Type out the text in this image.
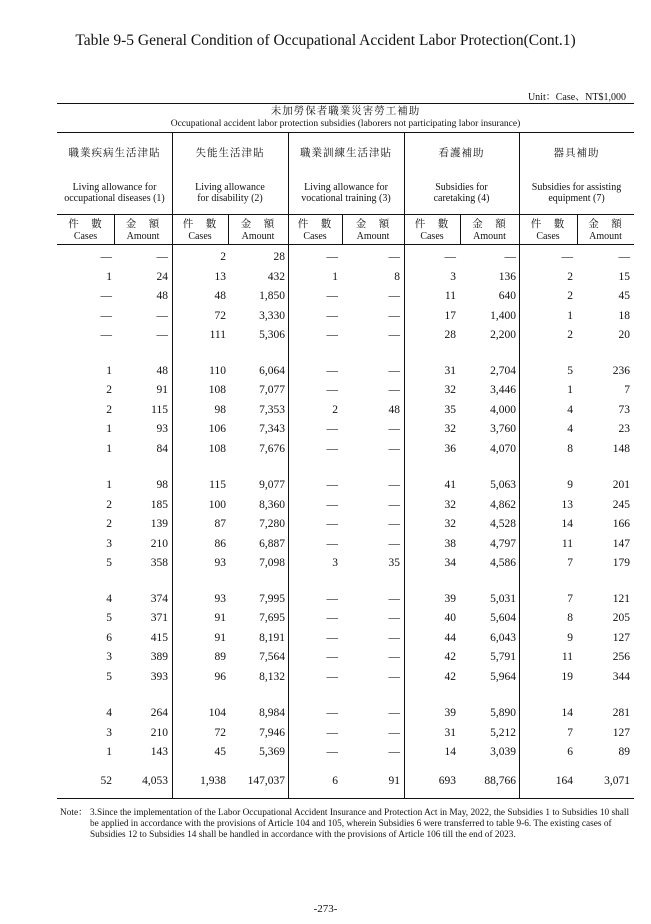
Table 9-5 General Condition of Occupational Accident Labor Protection(Cont.1)
Unit：Case、NT$1,000
未加勞保者職業災害勞工補助
Occupational accident labor protection subsidies (laborers not participating labor insurance)
職業疾病生活津貼
Living allowance for
occupational diseases (1)
失能生活津貼
Living allowance
for disability (2)
職業訓練生活津貼
Living allowance for
vocational training (3)
看護補助
Subsidies for
caretaking (4)
器具補助
Subsidies for assisting
equipment (7)
件　數
Cases
金　額
Amount
件　數
Cases
金　額
Amount
件　數
Cases
金　額
Amount
件　數
Cases
金　額
Amount
件　數
Cases
金　額
Amount
—	—	2	28	—	—	—	—	—	—
1	24	13	432	1	8	3	136	2	15
—	48	48	1,850	—	—	11	640	2	45
—	—	72	3,330	—	—	17	1,400	1	18
—	—	111	5,306	—	—	28	2,200	2	20
1	48	110	6,064	—	—	31	2,704	5	236
2	91	108	7,077	—	—	32	3,446	1	7
2	115	98	7,353	2	48	35	4,000	4	73
1	93	106	7,343	—	—	32	3,760	4	23
1	84	108	7,676	—	—	36	4,070	8	148
1	98	115	9,077	—	—	41	5,063	9	201
2	185	100	8,360	—	—	32	4,862	13	245
2	139	87	7,280	—	—	32	4,528	14	166
3	210	86	6,887	—	—	38	4,797	11	147
5	358	93	7,098	3	35	34	4,586	7	179
4	374	93	7,995	—	—	39	5,031	7	121
5	371	91	7,695	—	—	40	5,604	8	205
6	415	91	8,191	—	—	44	6,043	9	127
3	389	89	7,564	—	—	42	5,791	11	256
5	393	96	8,132	—	—	42	5,964	19	344
4	264	104	8,984	—	—	39	5,890	14	281
3	210	72	7,946	—	—	31	5,212	7	127
1	143	45	5,369	—	—	14	3,039	6	89
52	4,053	1,938	147,037	6	91	693	88,766	164	3,071
Note： 3.Since the implementation of the Labor Occupational Accident Insurance and Protection Act in May, 2022, the Subsidies 1 to Subsidies 10 shall be applied in accordance with the provisions of Article 104 and 105, wherein Subsidies 6 were transferred to table 9-6. The existing cases of Subsidies 12 to Subsidies 14 shall be handled in accordance with the provisions of Article 106 till the end of 2023.
-273-
